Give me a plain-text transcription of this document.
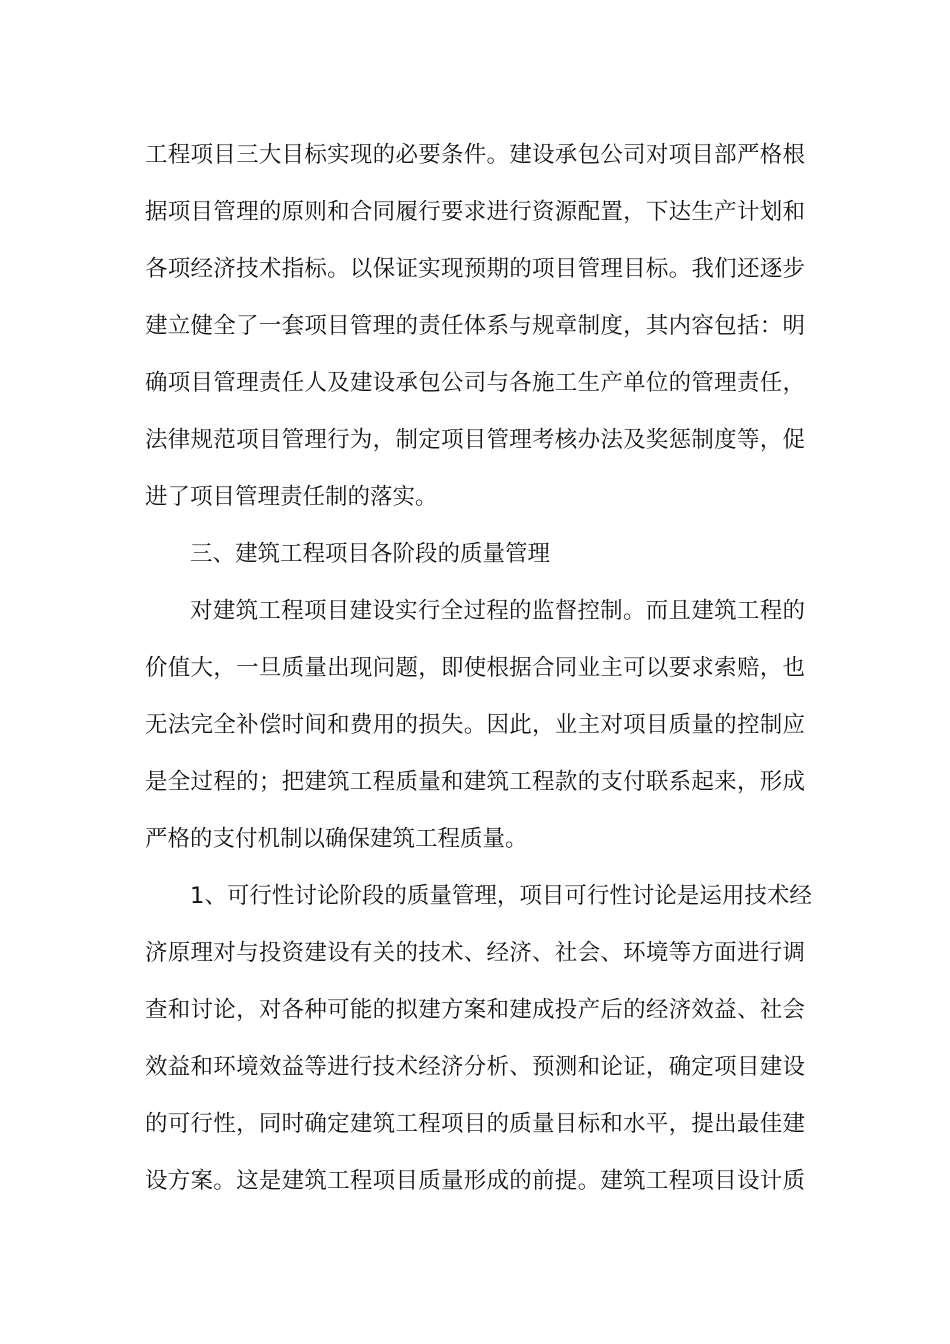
工程项目三大目标实现的必要条件。建设承包公司对项目部严格根
据项目管理的原则和合同履行要求进行资源配置，下达生产计划和
各项经济技术指标。以保证实现预期的项目管理目标。我们还逐步
建立健全了一套项目管理的责任体系与规章制度，其内容包括：明
确项目管理责任人及建设承包公司与各施工生产单位的管理责任，
法律规范项目管理行为，制定项目管理考核办法及奖惩制度等，促
进了项目管理责任制的落实。
三、建筑工程项目各阶段的质量管理
对建筑工程项目建设实行全过程的监督控制。而且建筑工程的
价值大，一旦质量出现问题，即使根据合同业主可以要求索赔，也
无法完全补偿时间和费用的损失。因此，业主对项目质量的控制应
是全过程的；把建筑工程质量和建筑工程款的支付联系起来，形成
严格的支付机制以确保建筑工程质量。
1、可行性讨论阶段的质量管理，项目可行性讨论是运用技术经
济原理对与投资建设有关的技术、经济、社会、环境等方面进行调
查和讨论，对各种可能的拟建方案和建成投产后的经济效益、社会
效益和环境效益等进行技术经济分析、预测和论证，确定项目建设
的可行性，同时确定建筑工程项目的质量目标和水平，提出最佳建
设方案。这是建筑工程项目质量形成的前提。建筑工程项目设计质
